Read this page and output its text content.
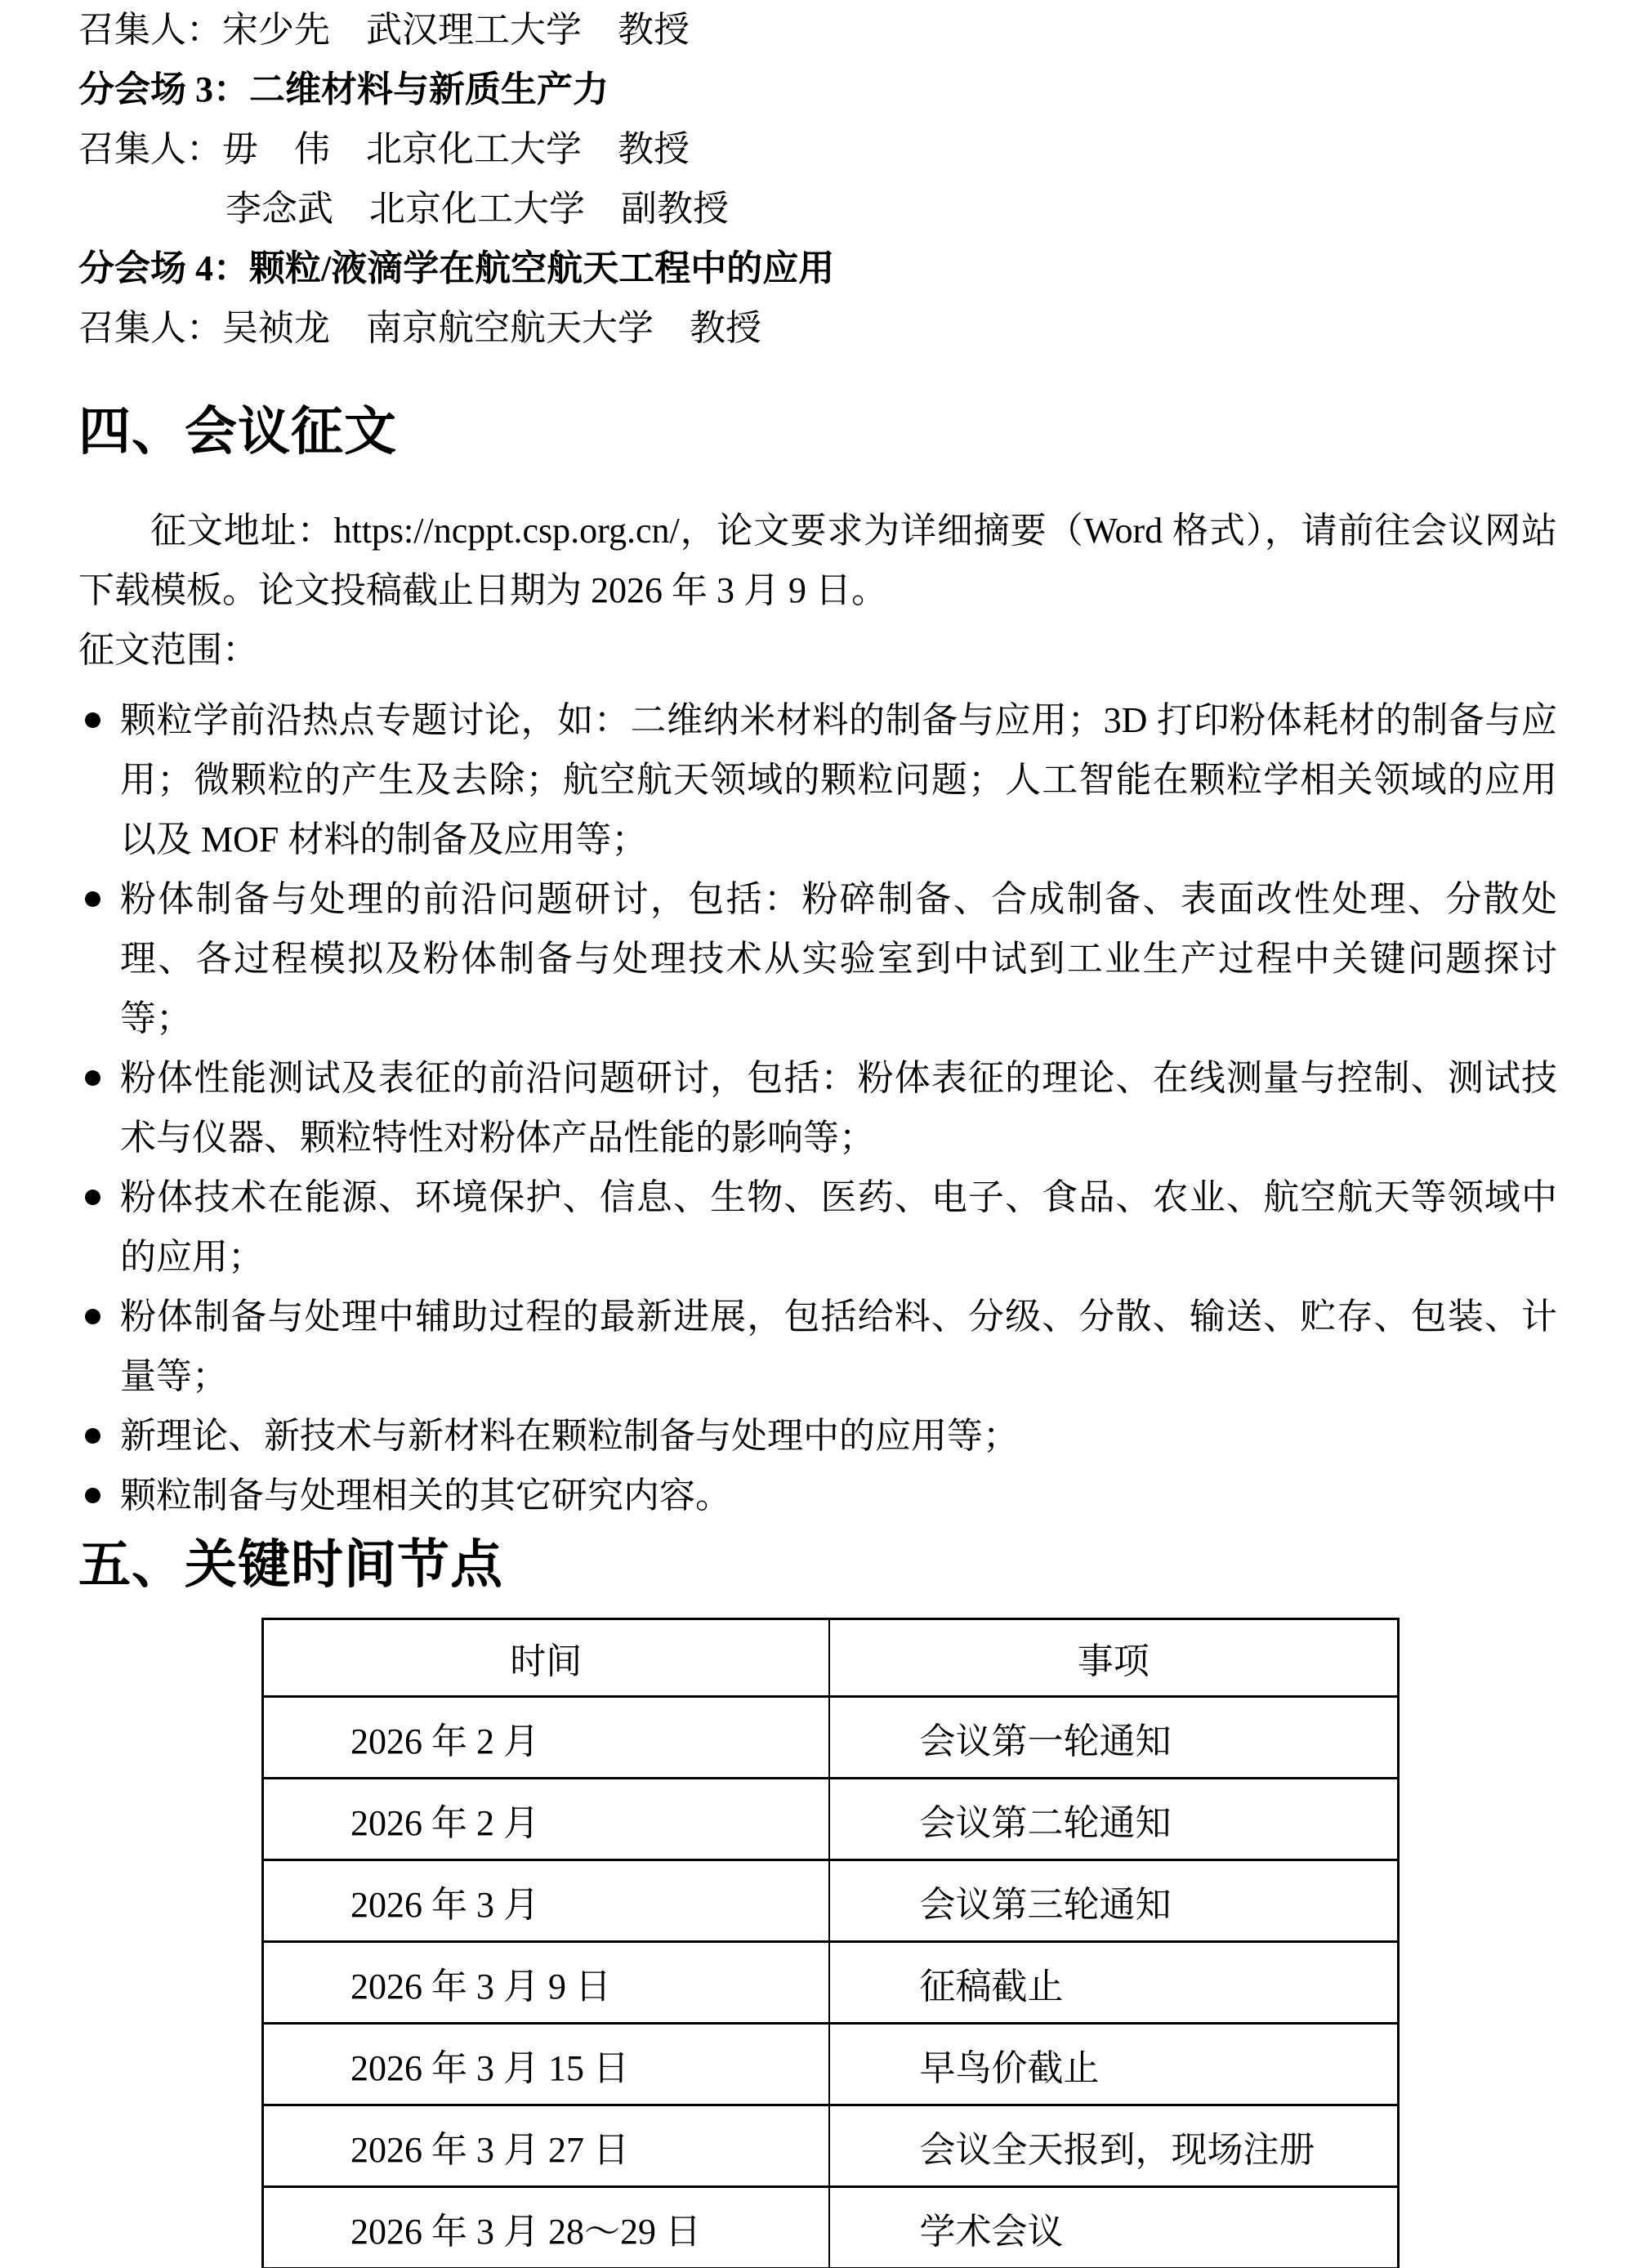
召集人：宋少先　武汉理工大学　教授
分会场 3：二维材料与新质生产力
召集人：毋　伟　北京化工大学　教授
李念武　北京化工大学　副教授
分会场 4：颗粒/液滴学在航空航天工程中的应用
召集人：吴祯龙　南京航空航天大学　教授
四、会议征文

征文地址：https://ncppt.csp.org.cn/，论文要求为详细摘要（Word 格式），请前往会议网站下载模板。论文投稿截止日期为 2026 年 3 月 9 日。

征文范围：

颗粒学前沿热点专题讨论，如：二维纳米材料的制备与应用；3D 打印粉体耗材的制备与应用；微颗粒的产生及去除；航空航天领域的颗粒问题；人工智能在颗粒学相关领域的应用以及 MOF 材料的制备及应用等；
粉体制备与处理的前沿问题研讨，包括：粉碎制备、合成制备、表面改性处理、分散处理、各过程模拟及粉体制备与处理技术从实验室到中试到工业生产过程中关键问题探讨等；
粉体性能测试及表征的前沿问题研讨，包括：粉体表征的理论、在线测量与控制、测试技术与仪器、颗粒特性对粉体产品性能的影响等；
粉体技术在能源、环境保护、信息、生物、医药、电子、食品、农业、航空航天等领域中的应用；
粉体制备与处理中辅助过程的最新进展，包括给料、分级、分散、输送、贮存、包装、计量等；
新理论、新技术与新材料在颗粒制备与处理中的应用等；
颗粒制备与处理相关的其它研究内容。
五、关键时间节点
时间	事项
2026 年 2 月	会议第一轮通知
2026 年 2 月	会议第二轮通知
2026 年 3 月	会议第三轮通知
2026 年 3 月 9 日	征稿截止
2026 年 3 月 15 日	早鸟价截止
2026 年 3 月 27 日	会议全天报到，现场注册
2026 年 3 月 28～29 日	学术会议
